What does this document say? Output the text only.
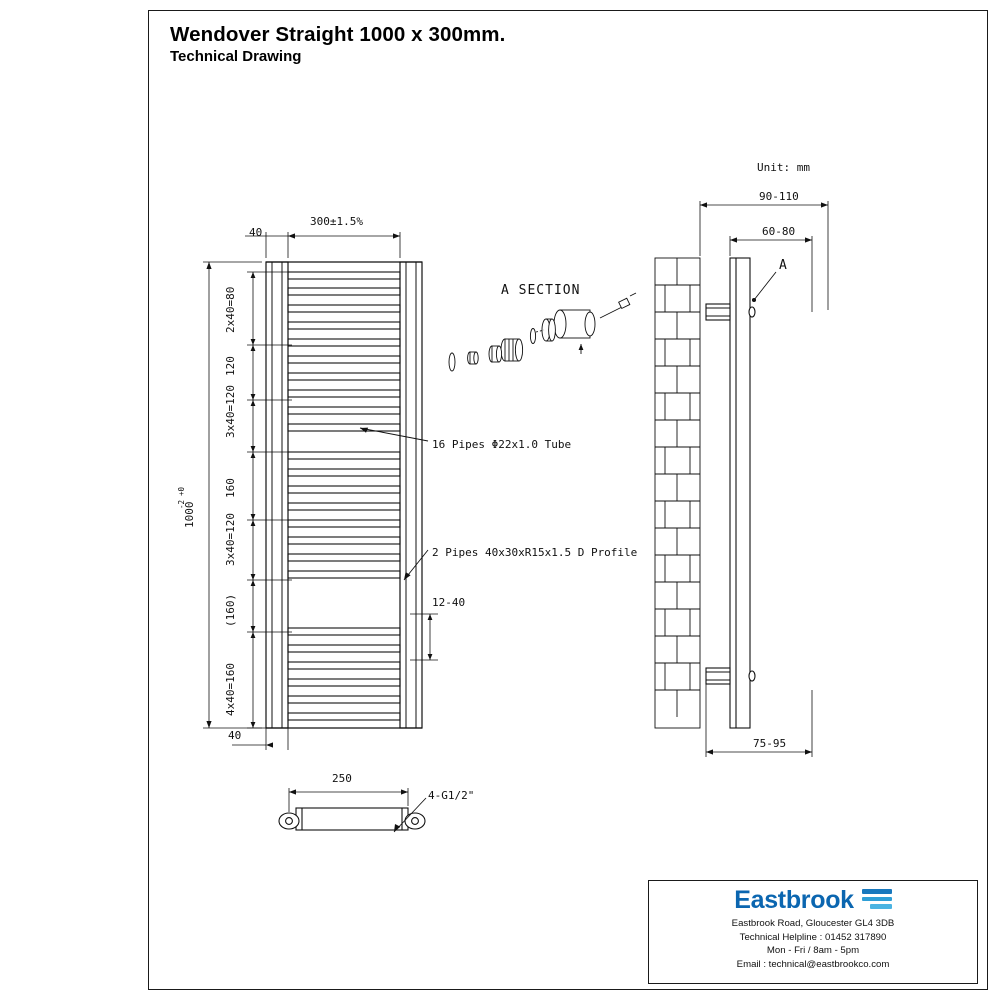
Wendover Straight 1000 x 300mm.
Technical Drawing
Unit: mm
300±1.5%
40
40
1000
+0
-2
2x40=80
120
3x40=120
160
3x40=120
(160)
4x40=160
12-40
A SECTION
A
16 Pipes Φ22x1.0 Tube
2 Pipes 40x30xR15x1.5 D Profile
90-110
60-80
75-95
250
4-G1/2"
Eastbrook
Eastbrook Road, Gloucester GL4 3DB
Technical Helpline : 01452 317890
Mon - Fri / 8am - 5pm
Email : technical@eastbrookco.com
